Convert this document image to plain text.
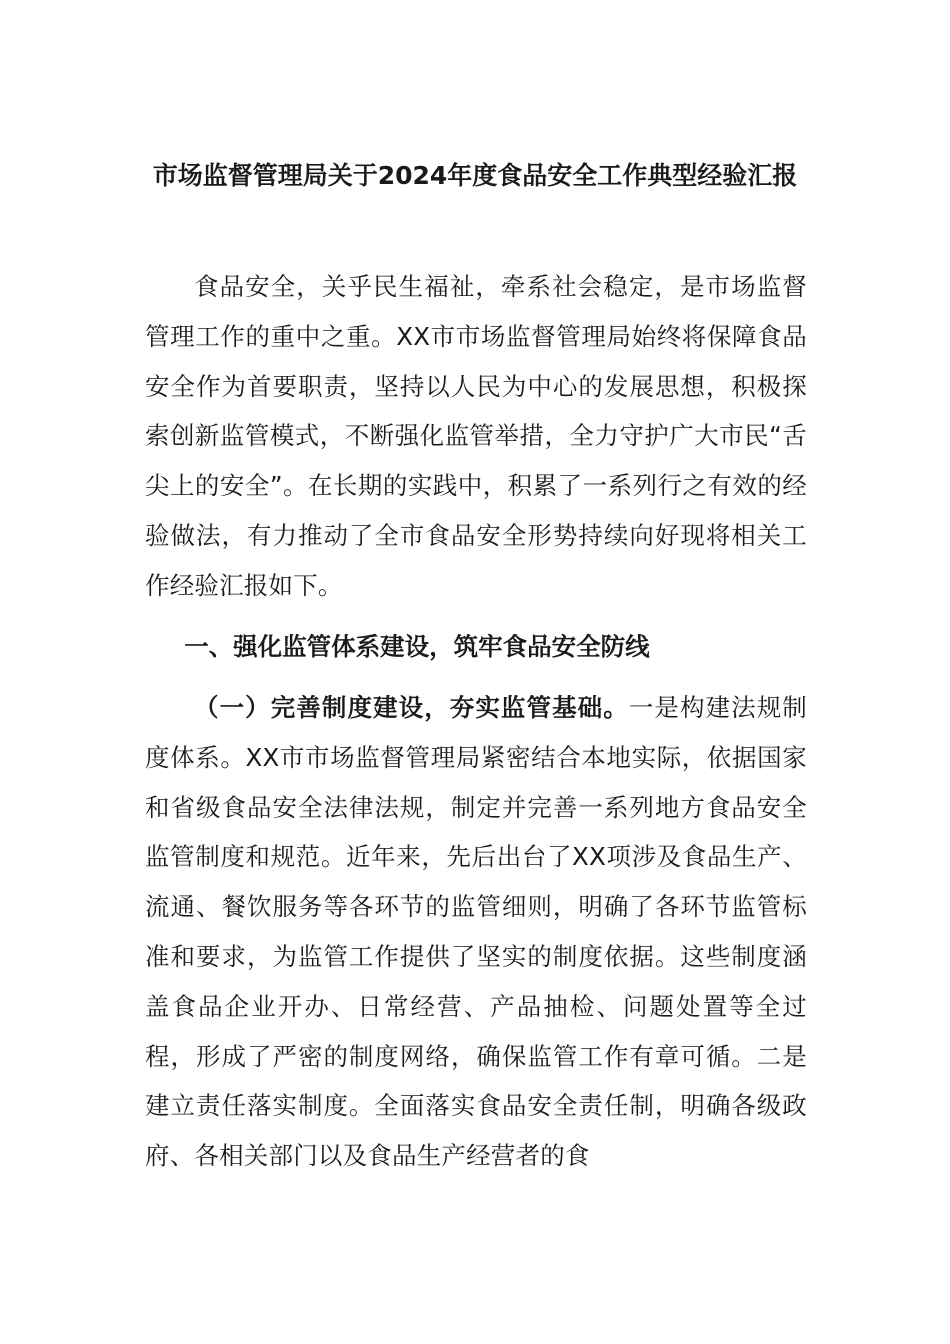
市场监督管理局关于2024年度食品安全工作典型经验汇报

食品安全，关乎民生福祉，牵系社会稳定，是市场监督管理工作的重中之重。XX市市场监督管理局始终将保障食品安全作为首要职责，坚持以人民为中心的发展思想，积极探索创新监管模式，不断强化监管举措，全力守护广大市民“舌尖上的安全”。在长期的实践中，积累了一系列行之有效的经验做法，有力推动了全市食品安全形势持续向好现将相关工作经验汇报如下。

一、强化监管体系建设，筑牢食品安全防线

（一）完善制度建设，夯实监管基础。一是构建法规制度体系。XX市市场监督管理局紧密结合本地实际，依据国家和省级食品安全法律法规，制定并完善一系列地方食品安全监管制度和规范。近年来，先后出台了XX项涉及食品生产、流通、餐饮服务等各环节的监管细则，明确了各环节监管标准和要求，为监管工作提供了坚实的制度依据。这些制度涵盖食品企业开办、日常经营、产品抽检、问题处置等全过程，形成了严密的制度网络，确保监管工作有章可循。二是建立责任落实制度。全面落实食品安全责任制，明确各级政府、各相关部门以及食品生产经营者的食
